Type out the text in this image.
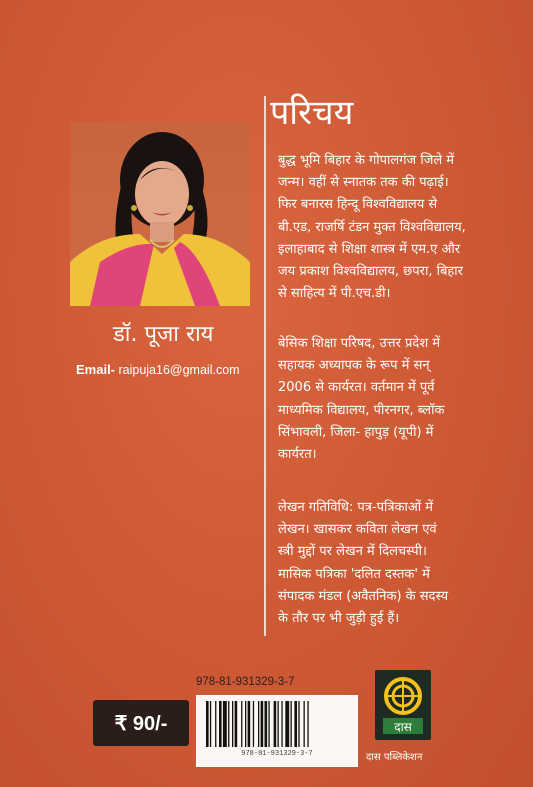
डॉ. पूजा राय
Email- raipuja16@gmail.com
परिचय
बुद्ध भूमि बिहार के गोपालगंज जिले में
जन्म। वहीं से स्नातक तक की पढ़ाई।
फिर बनारस हिन्दू विश्वविद्यालय से
बी.एड, राजर्षि टंडन मुक्त विश्वविद्यालय,
इलाहाबाद से शिक्षा शास्त्र में एम.ए और
जय प्रकाश विश्वविद्यालय, छपरा, बिहार
से साहित्य में पी.एच.डी।
बेसिक शिक्षा परिषद, उत्तर प्रदेश में
सहायक अध्यापक के रूप में सन्
2006 से कार्यरत। वर्तमान में पूर्व
माध्यमिक विद्यालय, पीरनगर, ब्लॉक
सिंभावली, जिला- हापुड़ (यूपी) में
कार्यरत।
लेखन गतिविधि: पत्र-पत्रिकाओं में
लेखन। खासकर कविता लेखन एवं
स्त्री मुद्दों पर लेखन में दिलचस्पी।
मासिक पत्रिका 'दलित दस्तक' में
संपादक मंडल (अवैतनिक) के सदस्य
के तौर पर भी जुड़ी हुई हैं।
₹ 90/-
978-81-931329-3-7
978-81-931329-3-7
दास
दास पब्लिकेशन
